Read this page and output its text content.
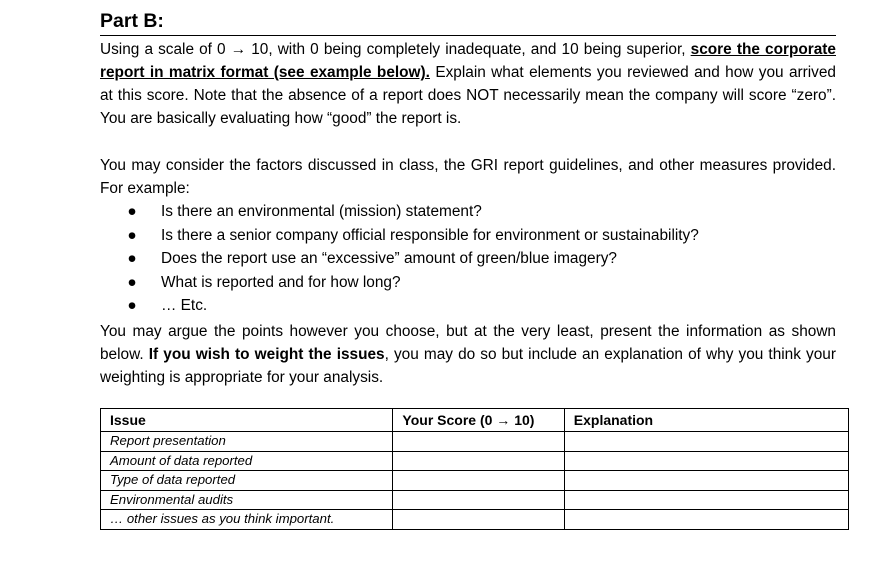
Part B:

Using a scale of 0 → 10, with 0 being completely inadequate, and 10 being superior, score the corporate report in matrix format (see example below). Explain what elements you reviewed and how you arrived at this score. Note that the absence of a report does NOT necessarily mean the company will score “zero”. You are basically evaluating how “good” the report is.

You may consider the factors discussed in class, the GRI report guidelines, and other measures provided. For example:

● Is there an environmental (mission) statement?
● Is there a senior company official responsible for environment or sustainability?
● Does the report use an “excessive” amount of green/blue imagery?
● What is reported and for how long?
● … Etc.

You may argue the points however you choose, but at the very least, present the information as shown below. If you wish to weight the issues, you may do so but include an explanation of why you think your weighting is appropriate for your analysis.

Issue	Your Score (0 → 10)	Explanation
Report presentation		
Amount of data reported		
Type of data reported		
Environmental audits		
… other issues as you think important.		
